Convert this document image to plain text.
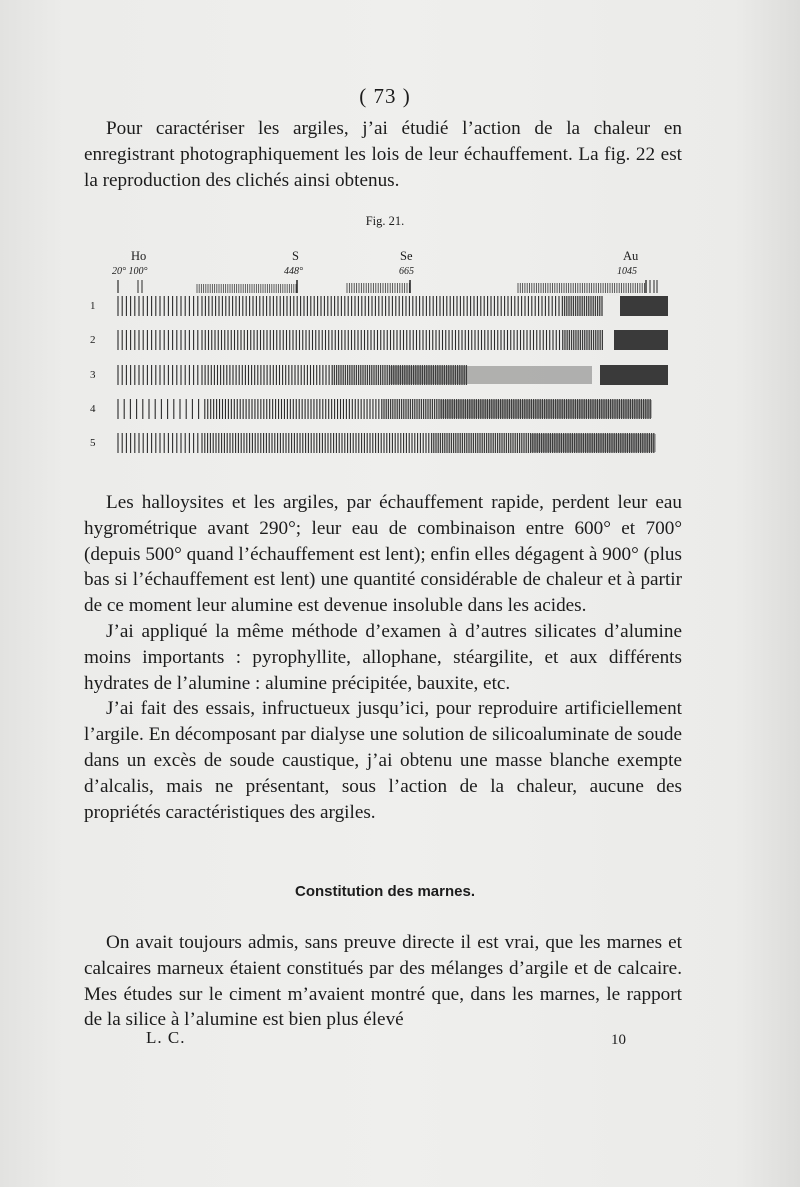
( 73 )

Pour caractériser les argiles, j’ai étudié l’action de la chaleur en enregistrant photographiquement les lois de leur échauffement. La fig. 22 est la reproduction des clichés ainsi obtenus.

Fig. 21.
Ho
20° 100°
S
448°
Se
665
Au
1045
1
2
3
4
5

Les halloysites et les argiles, par échauffement rapide, perdent leur eau hygrométrique avant 290°; leur eau de combinaison entre 600° et 700° (depuis 500° quand l’échauffement est lent); enfin elles dégagent à 900° (plus bas si l’échauffement est lent) une quantité considérable de chaleur et à partir de ce moment leur alumine est devenue insoluble dans les acides.

J’ai appliqué la même méthode d’examen à d’autres silicates d’alumine moins importants : pyrophyllite, allophane, stéargilite, et aux différents hydrates de l’alumine : alumine précipitée, bauxite, etc.

J’ai fait des essais, infructueux jusqu’ici, pour reproduire artificiellement l’argile. En décomposant par dialyse une solution de silicoaluminate de soude dans un excès de soude caustique, j’ai obtenu une masse blanche exempte d’alcalis, mais ne présentant, sous l’action de la chaleur, aucune des propriétés caractéristiques des argiles.

Constitution des marnes.

On avait toujours admis, sans preuve directe il est vrai, que les marnes et calcaires marneux étaient constitués par des mélanges d’argile et de calcaire. Mes études sur le ciment m’avaient montré que, dans les marnes, le rapport de la silice à l’alumine est bien plus élevé

L. C.	10
